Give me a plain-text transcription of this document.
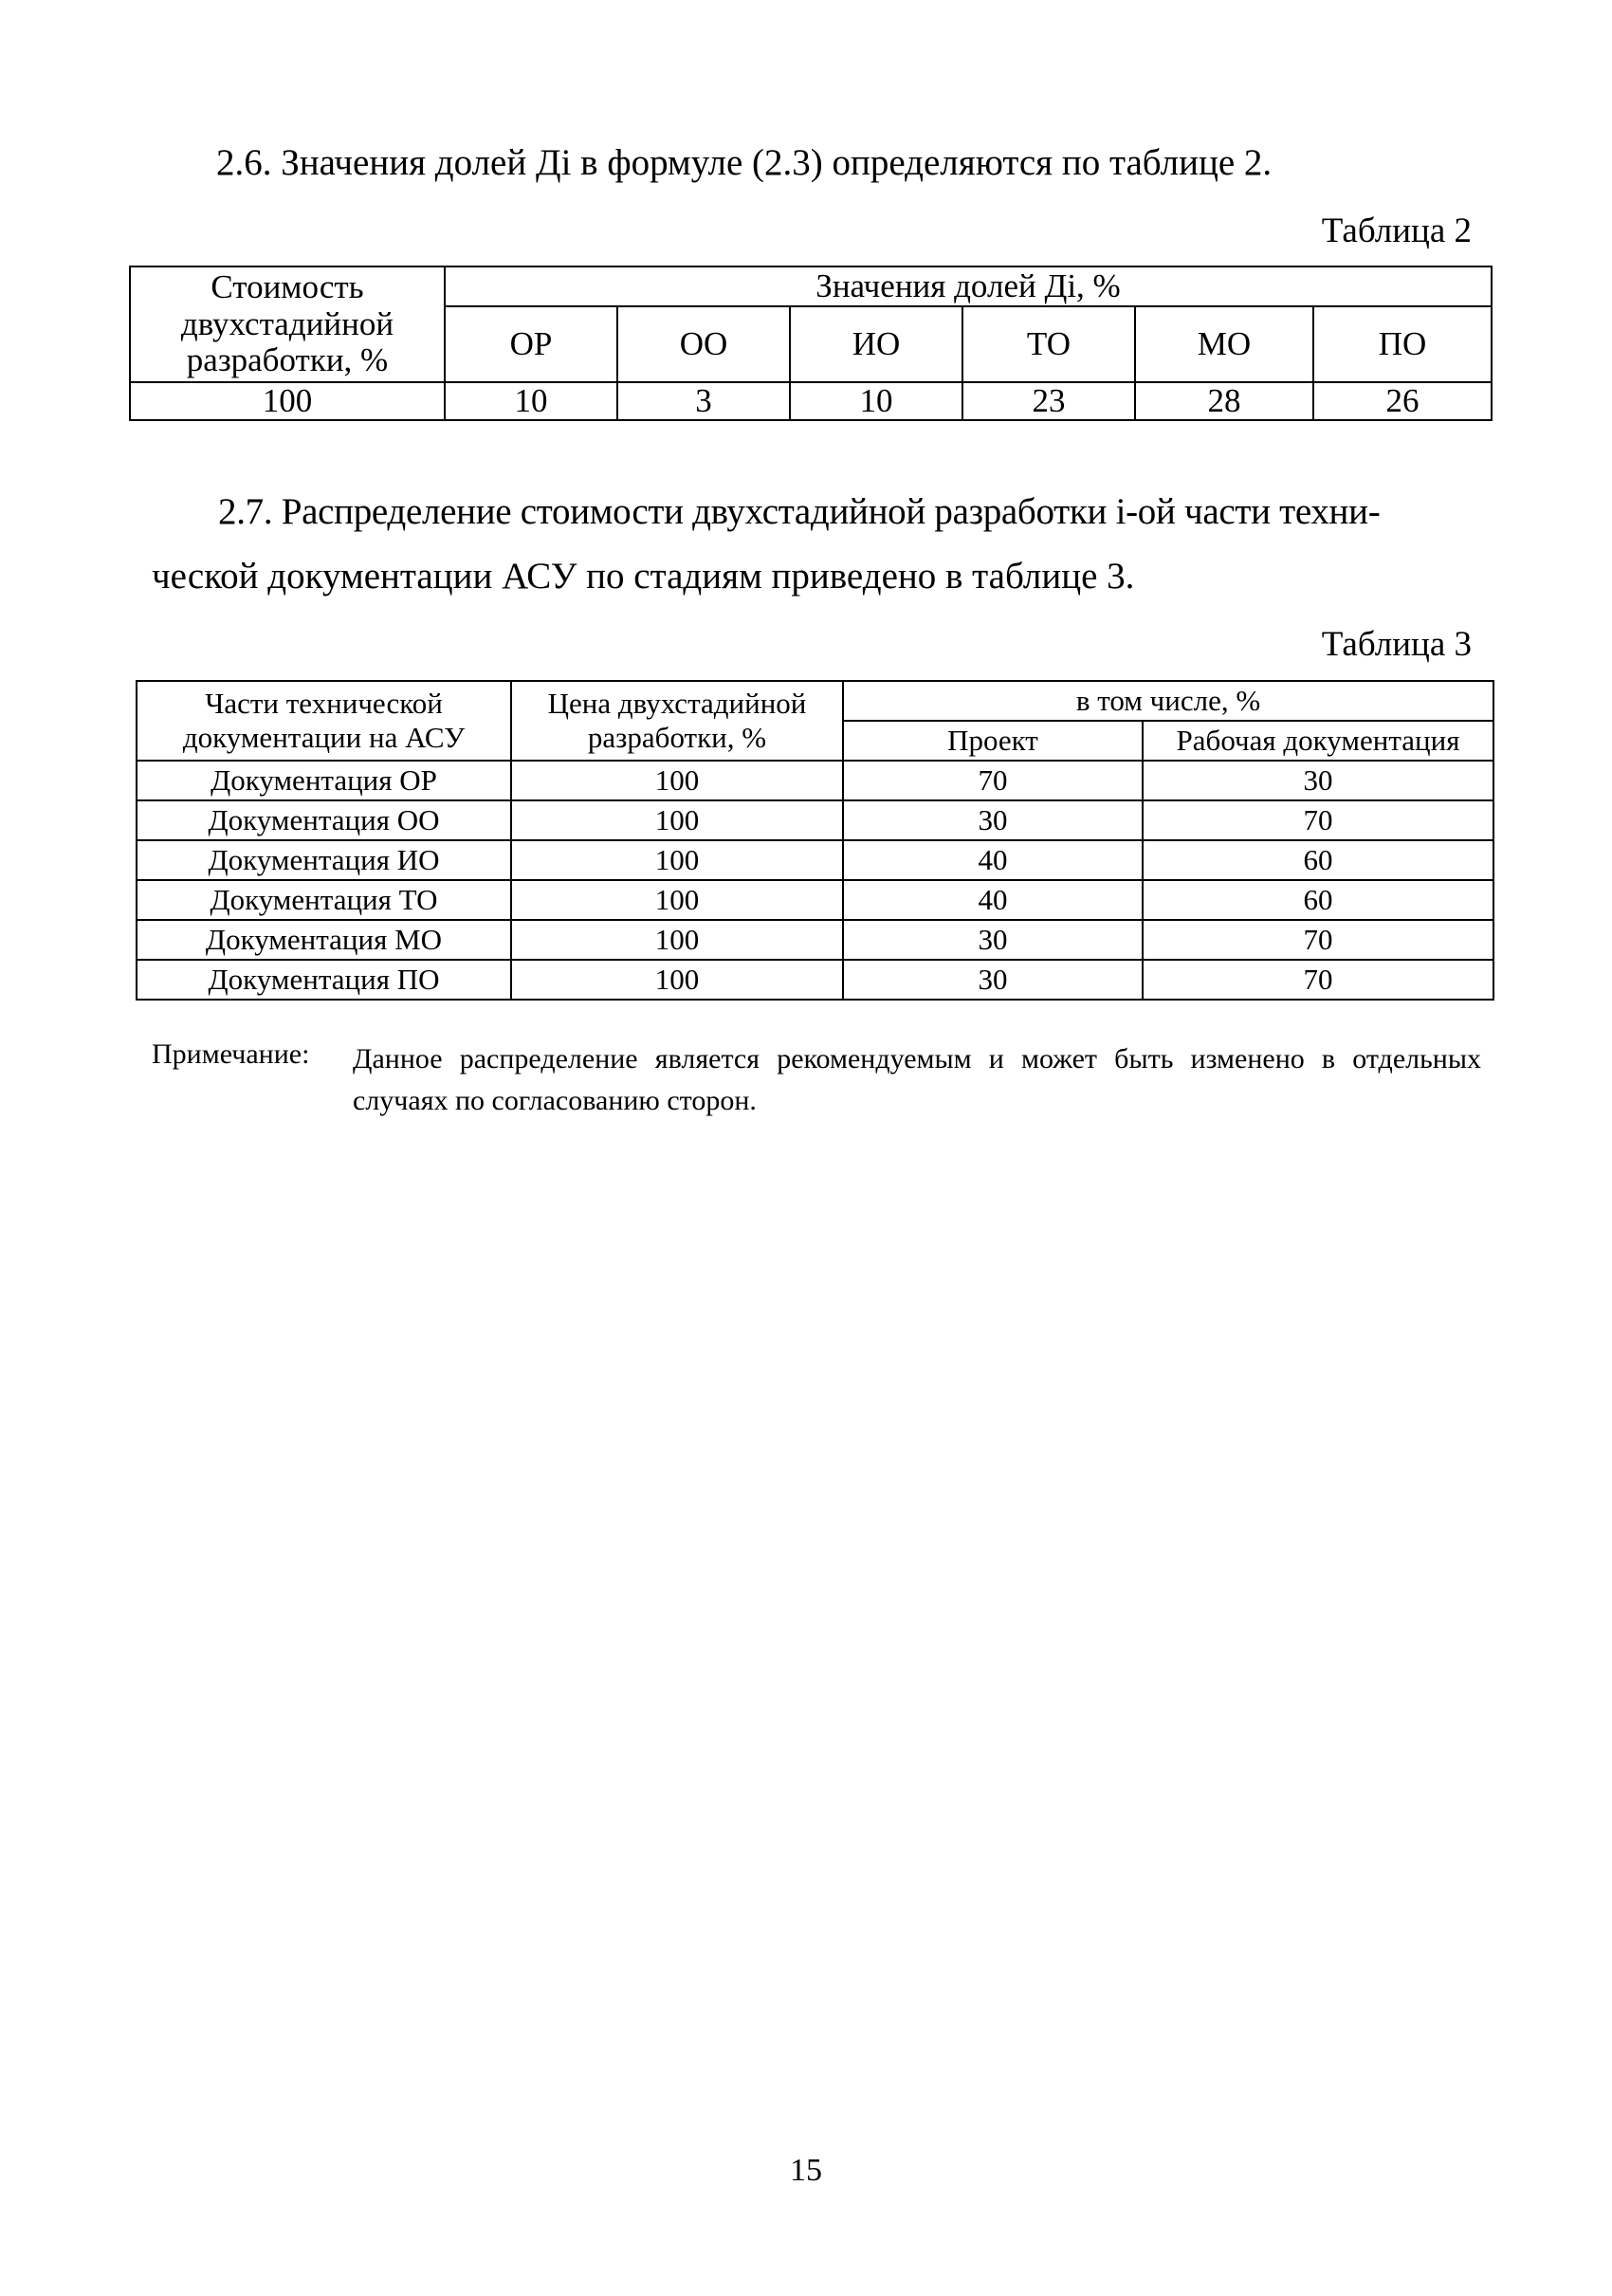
2.6. Значения долей Дi в формуле (2.3) определяются по таблице 2.

Таблица 2
Стоимость двухстадийной разработки, %	Значения долей Дi, %					
	ОР	ОО	ИО	ТО	МО	ПО
100	10	3	10	23	28	26

2.7. Распределение стоимости двухстадийной разработки i-ой части техни-

ческой документации АСУ по стадиям приведено в таблице 3.

Таблица 3
Части технической документации на АСУ	Цена двухстадийной разработки, %	в том числе, %	
		Проект	Рабочая документация
Документация ОР	100	70	30
Документация ОО	100	30	70
Документация ИО	100	40	60
Документация ТО	100	40	60
Документация МО	100	30	70
Документация ПО	100	30	70
Примечание: Данное распределение является рекомендуемым и может быть изменено в отдельных случаях по согласованию сторон.

15
